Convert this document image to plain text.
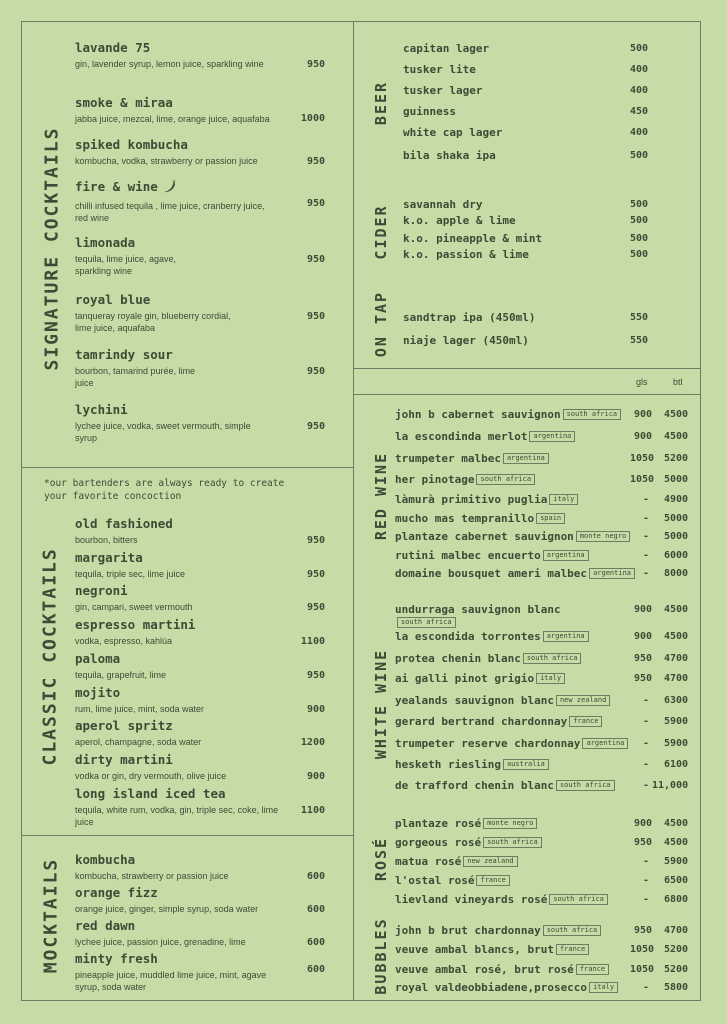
SIGNATURE COCKTAILS
CLASSIC COCKTAILS
MOCKTAILS
BEER
CIDER
ON TAP
RED WINE
WHITE WINE
ROSÉ
BUBBLES
lavande 75
gin, lavender syrup, lemon juice, sparkling wine	950
smoke & miraa
jabba juice, mezcal, lime, orange juice, aquafaba	1000
spiked kombucha
kombucha, vodka, strawberry or passion juice	950
fire & wine
chilli infused tequila , lime juice, cranberry juice, red wine
950
limonada
tequila, lime juice, agave, sparkling wine
950
royal blue
tanqueray royale gin, blueberry cordial, lime juice, aquafaba
950
tamrindy sour
bourbon, tamarind purée, lime juice
950
lychini
lychee juice, vodka, sweet vermouth, simple syrup
950
*our bartenders are always ready to create your favorite concoction
old fashioned
bourbon, bitters	950
margarita
tequila, triple sec, lime juice	950
negroni
gin, campari, sweet vermouth	950
espresso martini
vodka, espresso, kahlúa	1100
paloma
tequila, grapefruit, lime	950
mojito
rum, lime juice, mint, soda water	900
aperol spritz
aperol, champagne, soda water	1200
dirty martini
vodka or gin, dry vermouth, olive juice	900
long island iced tea
tequila, white rum, vodka, gin, triple sec, coke, lime juice
1100
kombucha
kombucha, strawberry or passion juice	600
orange fizz
orange juice, ginger, simple syrup, soda water	600
red dawn
lychee juice, passion juice, grenadine, lime	600
minty fresh
pineapple juice, muddled lime juice, mint, agave syrup, soda water
600
capitan lager	500
tusker lite	400
tusker lager	400
guinness	450
white cap lager	400
bila shaka ipa	500
savannah dry	500
k.o. apple & lime	500
k.o. pineapple & mint	500
k.o. passion & lime	500
sandtrap ipa (450ml)	550
niaje lager (450ml)	550
gls	btl
john b cabernet sauvignon south africa	900 4500
la escondinda merlot argentina	900 4500
trumpeter malbec argentina	1050 5200
her pinotage south africa	1050 5000
làmurà primitivo puglia italy	- 4900
mucho mas tempranillo spain	- 5000
plantaze cabernet sauvignon monte negro	- 5000
rutini malbec encuerto argentina	- 6000
domaine bousquet ameri malbec argentina	- 8000
undurraga sauvignon blanc
south africa
900 4500
la escondida torrontes argentina	900 4500
protea chenin blanc south africa	950 4700
ai galli pinot grigio italy	950 4700
yealands sauvignon blanc new zealand	- 6300
gerard bertrand chardonnay france	- 5900
trumpeter reserve chardonnay argentina	- 5900
hesketh riesling australia	- 6100
de trafford chenin blanc south africa	- 11,000
plantaze rosé monte negro	900 4500
gorgeous rosé south africa	950 4500
matua rosé new zealand	- 5900
l'ostal rosé france	- 6500
lievland vineyards rosé south africa	- 6800
john b brut chardonnay south africa	950 4700
veuve ambal blancs, brut france	1050 5200
veuve ambal rosé, brut rosé france	1050 5200
royal valdeobbiadene,prosecco italy	- 5800
